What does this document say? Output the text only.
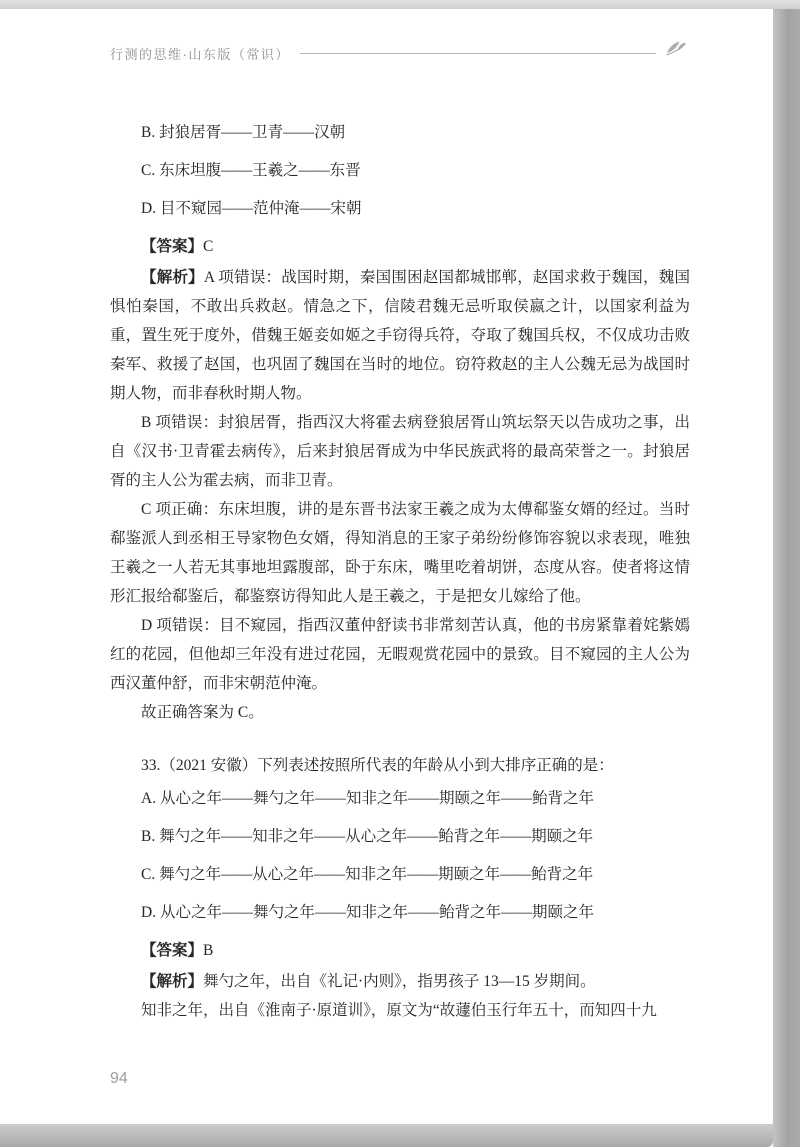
行测的思维·山东版（常识）

B. 封狼居胥——卫青——汉朝

C. 东床坦腹——王羲之——东晋

D. 目不窥园——范仲淹——宋朝

【答案】C

【解析】A 项错误：战国时期，秦国围困赵国都城邯郸，赵国求救于魏国，魏国惧怕秦国，不敢出兵救赵。情急之下，信陵君魏无忌听取侯嬴之计，以国家利益为重，置生死于度外，借魏王姬妾如姬之手窃得兵符，夺取了魏国兵权，不仅成功击败秦军、救援了赵国，也巩固了魏国在当时的地位。窃符救赵的主人公魏无忌为战国时期人物，而非春秋时期人物。

B 项错误：封狼居胥，指西汉大将霍去病登狼居胥山筑坛祭天以告成功之事，出自《汉书·卫青霍去病传》，后来封狼居胥成为中华民族武将的最高荣誉之一。封狼居胥的主人公为霍去病，而非卫青。

C 项正确：东床坦腹，讲的是东晋书法家王羲之成为太傅郗鉴女婿的经过。当时郗鉴派人到丞相王导家物色女婿，得知消息的王家子弟纷纷修饰容貌以求表现，唯独王羲之一人若无其事地坦露腹部，卧于东床，嘴里吃着胡饼，态度从容。使者将这情形汇报给郗鉴后，郗鉴察访得知此人是王羲之，于是把女儿嫁给了他。

D 项错误：目不窥园，指西汉董仲舒读书非常刻苦认真，他的书房紧靠着姹紫嫣红的花园，但他却三年没有进过花园，无暇观赏花园中的景致。目不窥园的主人公为西汉董仲舒，而非宋朝范仲淹。

故正确答案为 C。

33.（2021 安徽）下列表述按照所代表的年龄从小到大排序正确的是：

A. 从心之年——舞勺之年——知非之年——期颐之年——鲐背之年

B. 舞勺之年——知非之年——从心之年——鲐背之年——期颐之年

C. 舞勺之年——从心之年——知非之年——期颐之年——鲐背之年

D. 从心之年——舞勺之年——知非之年——鲐背之年——期颐之年

【答案】B

【解析】舞勺之年，出自《礼记·内则》，指男孩子 13—15 岁期间。

知非之年，出自《淮南子·原道训》，原文为“故蘧伯玉行年五十，而知四十九

94
